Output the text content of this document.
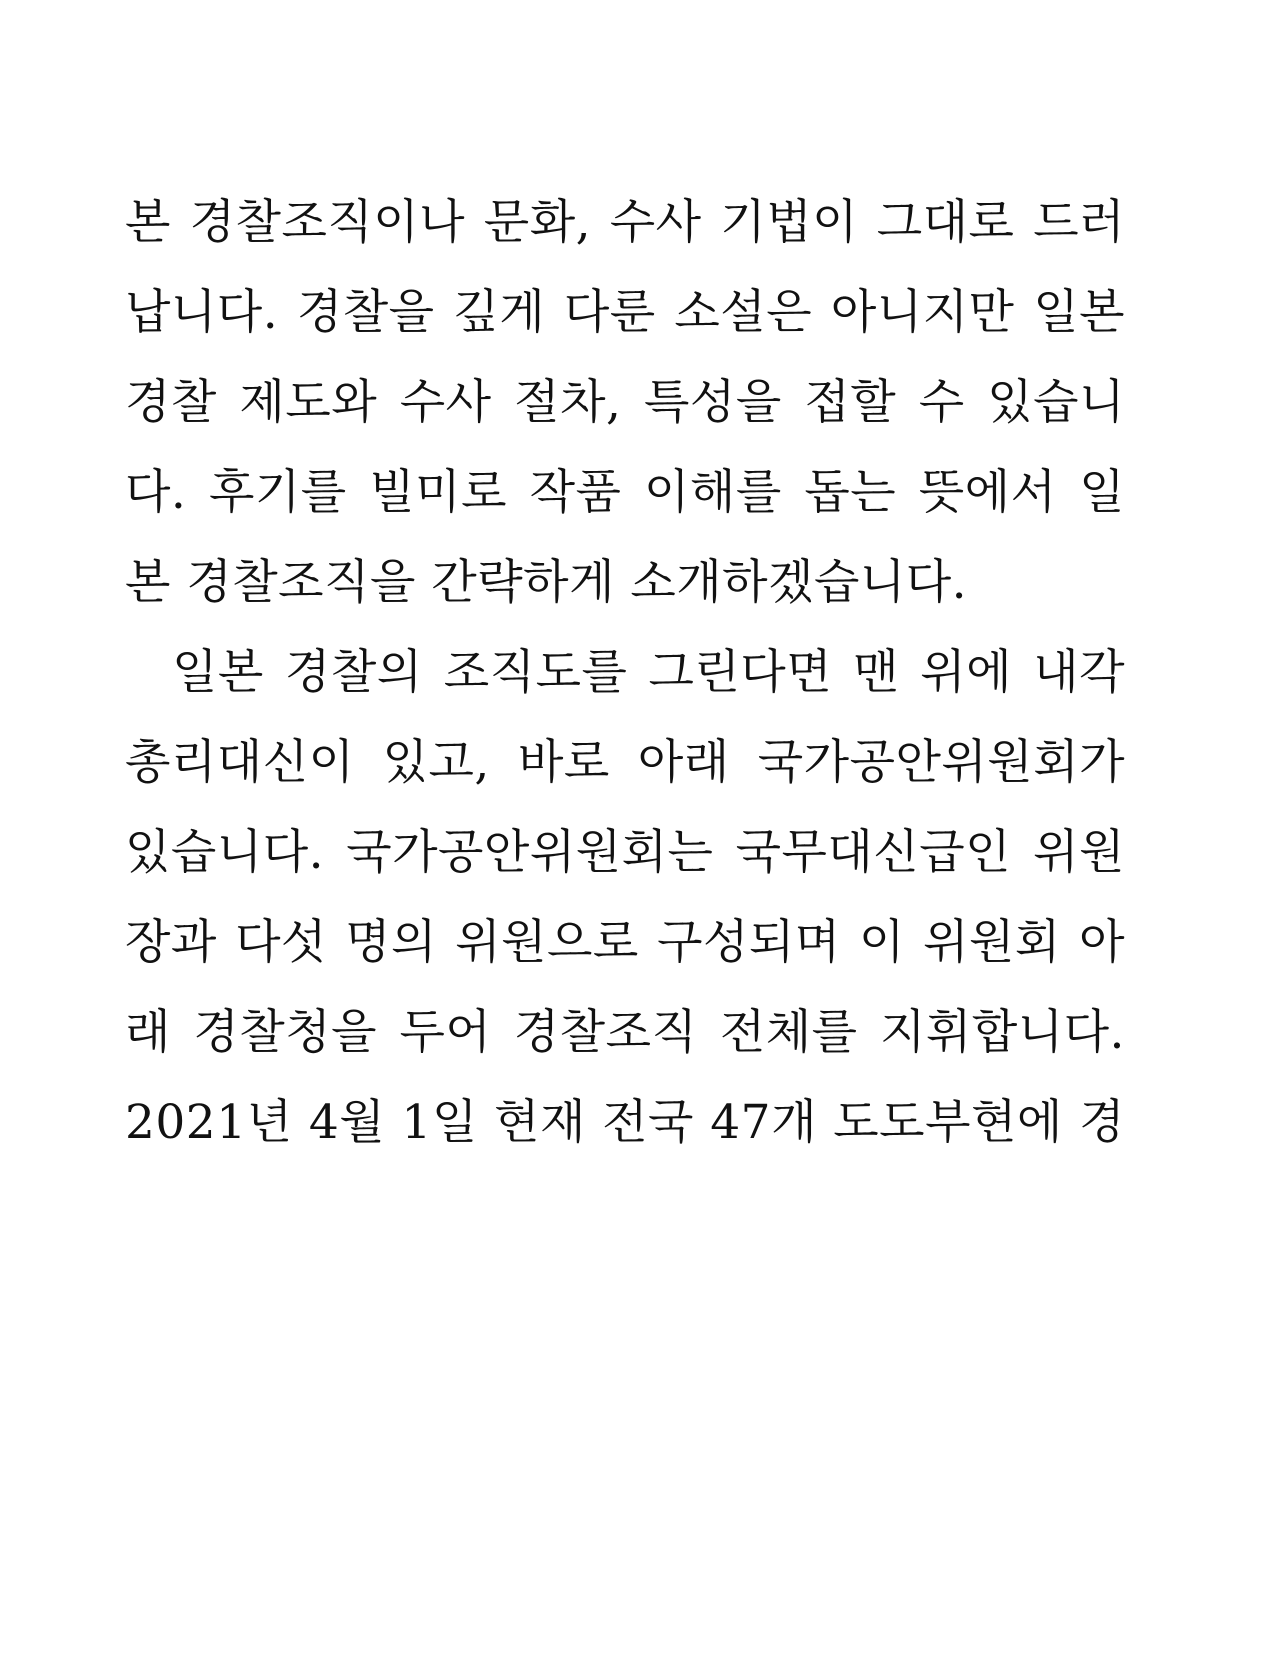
본 경찰조직이나 문화, 수사 기법이 그대로 드러
납니다. 경찰을 깊게 다룬 소설은 아니지만 일본
경찰 제도와 수사 절차, 특성을 접할 수 있습니
다. 후기를 빌미로 작품 이해를 돕는 뜻에서 일
본 경찰조직을 간략하게 소개하겠습니다.
일본 경찰의 조직도를 그린다면 맨 위에 내각
총리대신이 있고, 바로 아래 국가공안위원회가
있습니다. 국가공안위원회는 국무대신급인 위원
장과 다섯 명의 위원으로 구성되며 이 위원회 아
래 경찰청을 두어 경찰조직 전체를 지휘합니다.
2021년 4월 1일 현재 전국 47개 도도부현에 경
